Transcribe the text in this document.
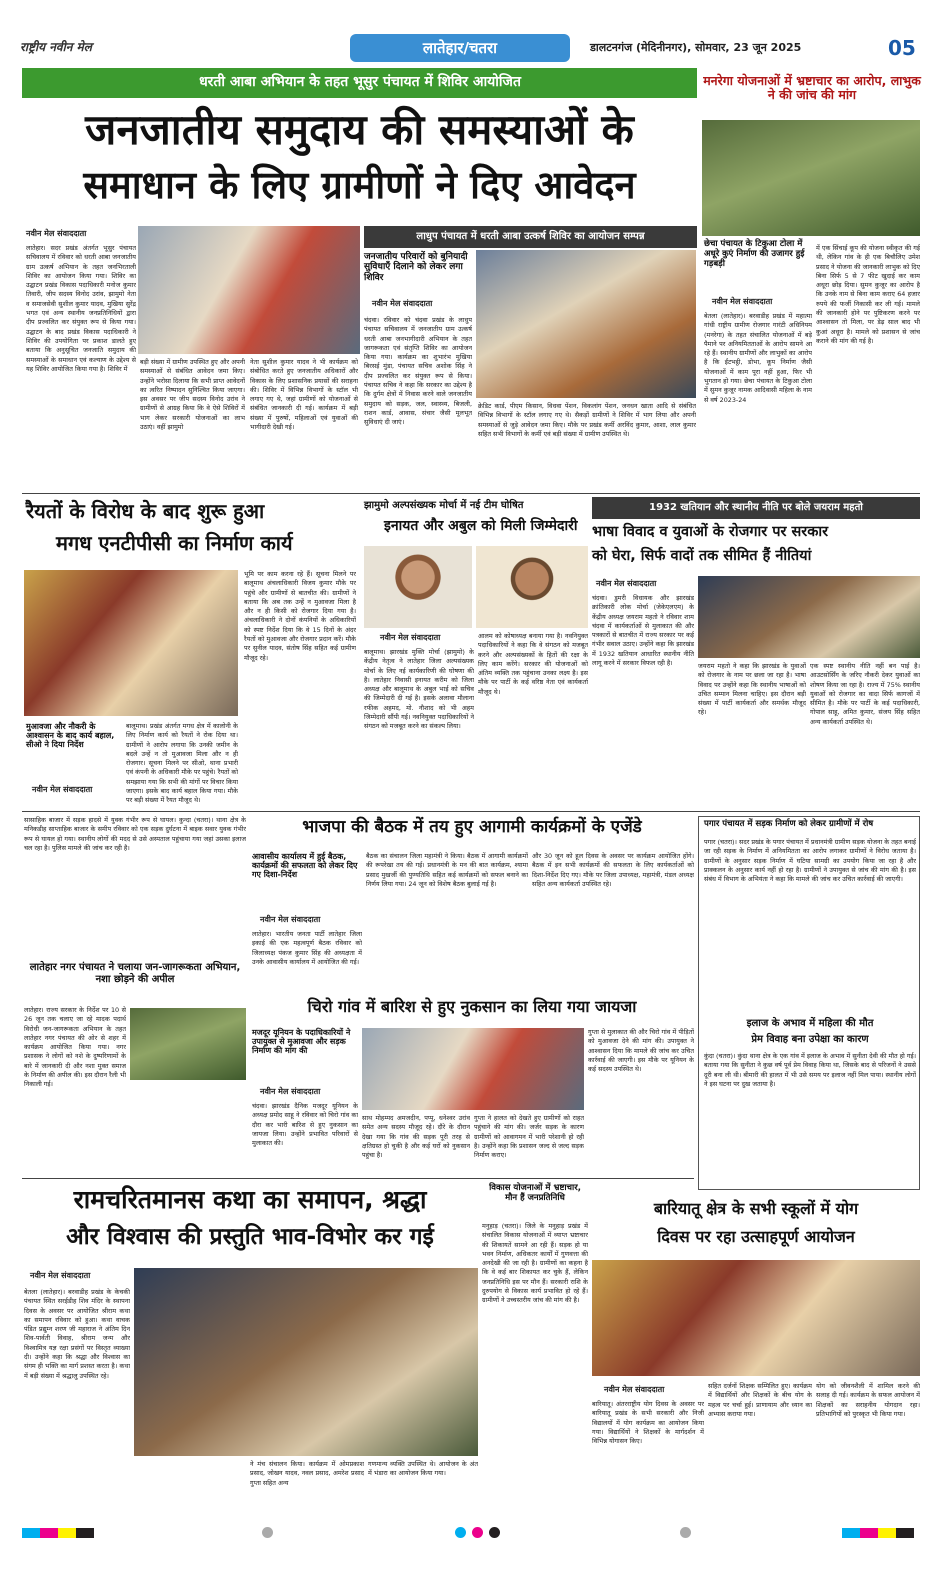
राष्ट्रीय नवीन मेल	लातेहार/चतरा	डालटनगंज (मेदिनीनगर), सोमवार, 23 जून 2025	05
धरती आबा अभियान के तहत भूसुर पंचायत में शिविर आयोजित
जनजातीय समुदाय की समस्याओं के
समाधान के लिए ग्रामीणों ने दिए आवेदन
नवीन मेल संवाददाता
लातेहार। सदर प्रखंड अंतर्गत भूसुर पंचायत सचिवालय में रविवार को धरती आबा जनजातीय ग्राम उत्कर्ष अभियान के तहत जनभिरताली शिविर का आयोजन किया गया। शिविर का उद्घाटन प्रखंड विकास पदाधिकारी मनोज कुमार तिवारी, जीप सदस्य विनोद उरांव, झामुमो नेता व समाजसेवी सुशील कुमार यादव, मुखिया सुरेंद्र भगत एवं अन्य स्थानीय जनप्रतिनिधियों द्वारा दीप प्रज्वलित कर संयुक्त रूप से किया गया। उद्घाटन के बाद प्रखंड विकास पदाधिकारी ने शिविर की उपयोगिता पर प्रकाश डालते हुए बताया कि अनुसूचित जनजाति समुदाय की समस्याओं के समाधान एवं कल्याण के उद्देश्य से यह शिविर आयोजित किया गया है। शिविर में
बड़ी संख्या में ग्रामीण उपस्थित हुए और अपनी समस्याओं से संबंधित आवेदन जमा किए। उन्होंने भरोसा दिलाया कि सभी प्राप्त आवेदनों का त्वरित निष्पादन सुनिश्चित किया जाएगा। इस अवसर पर जीप सदस्य विनोद उरांव ने ग्रामीणों से आग्रह किया कि वे ऐसे शिविरों में भाग लेकर सरकारी योजनाओं का लाभ उठाएं। वहीं झामुमो
नेता सुशील कुमार यादव ने भी कार्यक्रम को संबोधित करते हुए जनजातीय अधिकारों और विकास के लिए प्रशासनिक प्रयासों की सराहना की। शिविर में विभिन्न विभागों के स्टॉल भी लगाए गए थे, जहां ग्रामीणों को योजनाओं से संबंधित जानकारी दी गई। कार्यक्रम में बड़ी संख्या में पुरुषों, महिलाओं एवं युवाओं की भागीदारी देखी गई।
लाधुप पंचायत में धरती आबा उत्कर्ष शिविर का आयोजन सम्पन्न
जनजातीय परिवारों को बुनियादी सुविधाएँ दिलाने को लेकर लगा शिविर
नवीन मेल संवाददाता
चंदवा। रविवार को चंदवा प्रखंड के लाधुप पंचायत सचिवालय में जनजातीय ग्राम उत्कर्ष धरती आबा जनभागीदारी अभियान के तहत जागरूकता एवं संतृप्ति शिविर का आयोजन किया गया। कार्यक्रम का शुभारंभ मुखिया बिरसई मुंडा, पंचायत सचिव अशोक सिंह ने दीप प्रज्वलित कर संयुक्त रूप से किया। पंचायत सचिव ने कहा कि सरकार का उद्देश्य है कि दुर्गम क्षेत्रों में निवास करने वाले जनजातीय समुदाय को सड़क, जल, स्वास्थ्य, बिजली, राशन कार्ड, आवास, संचार जैसी मूलभूत सुविधाएं दी जाएं।
क्रेडिट कार्ड, पीएम किसान, विधवा पेंशन, विकलांग पेंशन, जनधन खाता आदि से संबंधित विभिन्न विभागों के स्टॉल लगाए गए थे। सैकड़ों ग्रामीणों ने शिविर में भाग लिया और अपनी समस्याओं से जुड़े आवेदन जमा किए। मौके पर प्रखंड कर्मी अरविंद कुमार, आशा, लाल कुमार सहित सभी विभागों के कर्मी एवं बड़ी संख्या में ग्रामीण उपस्थित थे।
मनरेगा योजनाओं में भ्रष्टाचार का आरोप, लाभुक ने की जांच की मांग
छेचा पंचायत के टिकुआ टोला में अधूरे कुएं निर्माण की उजागर हुई गड़बड़ी
नवीन मेल संवाददाता
बेतला (लातेहार)। बरवाडीह प्रखंड में महात्मा गांधी राष्ट्रीय ग्रामीण रोजगार गारंटी अधिनियम (मनरेगा) के तहत संचालित योजनाओं में बड़े पैमाने पर अनियमितताओं के आरोप सामने आ रहे हैं। स्थानीय ग्रामीणों और लाभुकों का आरोप है कि ईंटभट्ठी, डोभा, कूप निर्माण जैसी योजनाओं में काम पूरा नहीं हुआ, फिर भी भुगतान हो गया। छेचा पंचायत के टिकुआ टोला में सुमन कुजूर नामक आदिवासी महिला के नाम से वर्ष 2023-24
में एक सिंचाई कूप की योजना स्वीकृत की गई थी, लेकिन गांव के ही एक बिचौलिए उमेश प्रसाद ने योजना की जानकारी लाभुक को दिए बिना सिर्फ 5 से 7 फीट खुदाई कर काम अधूरा छोड़ दिया। सुमन कुजूर का आरोप है कि उनके नाम से बिना काम कराए 64 हजार रुपये की फर्जी निकासी कर ली गई। मामले की जानकारी होने पर पुष्टिकरण करने पर आश्वासन तो मिला, पर डेढ़ साल बाद भी कुआं अधूरा है। मामले को प्रशासन से जांच कराने की मांग की गई है।
रैयतों के विरोध के बाद शुरू हुआ
मगध एनटीपीसी का निर्माण कार्य
मुआवजा और नौकरी के आश्वासन के बाद कार्य बहाल, सीओ ने दिया निर्देश
नवीन मेल संवाददाता
बालूमाथ। प्रखंड अंतर्गत मगध क्षेत्र में कालोनी के लिए निर्माण कार्य को रैयतों ने रोक दिया था। ग्रामीणों ने आरोप लगाया कि उनकी जमीन के बदले उन्हें न तो मुआवजा मिला और न ही रोजगार। सूचना मिलने पर सीओ, थाना प्रभारी एवं कंपनी के अधिकारी मौके पर पहुंचे। रैयतों को समझाया गया कि सभी की मांगों पर विचार किया जाएगा। इसके बाद कार्य बहाल किया गया। मौके पर बड़ी संख्या में रैयत मौजूद थे।
भूमि पर काम करना रहे हैं। सूचना मिलने पर बालूमाथ अंचलाधिकारी विजय कुमार मौके पर पहुंचे और ग्रामीणों से बातचीत की। ग्रामीणों ने बताया कि अब तक उन्हें न मुआवजा मिला है और न ही किसी को रोजगार दिया गया है। अंचलाधिकारी ने दोनों कंपनियों के अधिकारियों को स्पष्ट निर्देश दिया कि वे 15 दिनों के अंदर रैयतों को मुआवजा और रोजगार प्रदान करें। मौके पर सुनील यादव, संतोष सिंह सहित कई ग्रामीण मौजूद रहे।
झामुमो अल्पसंख्यक मोर्चा में नई टीम घोषित
इनायत और अबुल को मिली जिम्मेदारी
नवीन मेल संवाददाता
बालूमाथ। झारखंड मुक्ति मोर्चा (झामुमो) के केंद्रीय नेतृत्व ने लातेहार जिला अल्पसंख्यक मोर्चा के लिए नई कार्यकारिणी की घोषणा की है। लातेहार निवासी इनायत करीम को जिला अध्यक्ष और बालूमाथ के अबुल भाई को सचिव की जिम्मेदारी दी गई है। इसके अलावा मौलाना रफीक अहमद, मो. नौशाद को भी अहम जिम्मेदारी सौंपी गई। नवनियुक्त पदाधिकारियों ने संगठन को मजबूत करने का संकल्प लिया।
आलम को कोषाध्यक्ष बनाया गया है। नवनियुक्त पदाधिकारियों ने कहा कि वे संगठन को मजबूत करने और अल्पसंख्यकों के हितों की रक्षा के लिए काम करेंगे। सरकार की योजनाओं को अंतिम व्यक्ति तक पहुंचाना उनका लक्ष्य है। इस मौके पर पार्टी के कई वरिष्ठ नेता एवं कार्यकर्ता मौजूद थे।
1932 खतियान और स्थानीय नीति पर बोले जयराम महतो
भाषा विवाद व युवाओं के रोजगार पर सरकार
को घेरा, सिर्फ वादों तक सीमित हैं नीतियां
नवीन मेल संवाददाता
चंदवा। डुमरी विधायक और झारखंड क्रांतिकारी लोक मोर्चा (जेकेएलएम) के केंद्रीय अध्यक्ष जयराम महतो ने रविवार शाम चंदवा में कार्यकर्ताओं से मुलाकात की और पत्रकारों से बातचीत में राज्य सरकार पर कई गंभीर सवाल उठाए। उन्होंने कहा कि झारखंड में 1932 खतियान आधारित स्थानीय नीति लागू करने में सरकार विफल रही है।	जयराम महतो ने कहा कि झारखंड के युवाओं को रोजगार के नाम पर छला जा रहा है। भाषा विवाद पर उन्होंने कहा कि स्थानीय भाषाओं को उचित सम्मान मिलना चाहिए। इस दौरान बड़ी संख्या में पार्टी कार्यकर्ता और समर्थक मौजूद रहे।
एक स्पष्ट स्थानीय नीति नहीं बन पाई है। आउटसोर्सिंग के जरिए नौकरी देकर युवाओं का शोषण किया जा रहा है। राज्य में 75% स्थानीय युवाओं को रोजगार का वादा सिर्फ कागजों में सीमित है। मौके पर पार्टी के कई पदाधिकारी, गोपाल साहू, अमित कुमार, संजय सिंह सहित अन्य कार्यकर्ता उपस्थित थे।
सासाहिक बाजार में सड़क हादसे में युवक गंभीर रूप से घायल। कुन्दा (चतरा)। थाना क्षेत्र के मनिकडीह साप्ताहिक बाजार के समीप रविवार को एक सड़क दुर्घटना में बाइक सवार युवक गंभीर रूप से घायल हो गया। स्थानीय लोगों की मदद से उसे अस्पताल पहुंचाया गया जहां उसका इलाज चल रहा है। पुलिस मामले की जांच कर रही है।
लातेहार नगर पंचायत ने चलाया जन-जागरूकता अभियान, नशा छोड़ने की अपील
लातेहार। राज्य सरकार के निर्देश पर 10 से 26 जून तक चलाए जा रहे मादक पदार्थ विरोधी जन-जागरूकता अभियान के तहत लातेहार नगर पंचायत की ओर से शहर में कार्यक्रम आयोजित किया गया। नगर प्रशासक ने लोगों को नशे के दुष्परिणामों के बारे में जानकारी दी और नशा मुक्त समाज के निर्माण की अपील की। इस दौरान रैली भी निकाली गई।
भाजपा की बैठक में तय हुए आगामी कार्यक्रमों के एजेंडे
आवासीय कार्यालय में हुई बैठक, कार्यक्रमों की सफलता को लेकर दिए गए दिशा-निर्देश
नवीन मेल संवाददाता
लातेहार। भारतीय जनता पार्टी लातेहार जिला इकाई की एक महत्वपूर्ण बैठक रविवार को जिलाध्यक्ष पंकज कुमार सिंह की अध्यक्षता में उनके आवासीय कार्यालय में आयोजित की गई।
बैठक का संचालन जिला महामंत्री ने किया। बैठक में आगामी कार्यक्रमों की रूपरेखा तय की गई। प्रधानमंत्री के मन की बात कार्यक्रम, श्यामा प्रसाद मुखर्जी की पुण्यतिथि सहित कई कार्यक्रमों को सफल बनाने का निर्णय लिया गया। 24 जून को विशेष बैठक बुलाई गई है।
और 30 जून को हूल दिवस के अवसर पर कार्यक्रम आयोजित होंगे। बैठक में इन सभी कार्यक्रमों की सफलता के लिए कार्यकर्ताओं को दिशा-निर्देश दिए गए। मौके पर जिला उपाध्यक्ष, महामंत्री, मंडल अध्यक्ष सहित अन्य कार्यकर्ता उपस्थित रहे।
पगार पंचायत में सड़क निर्माण को लेकर ग्रामीणों में रोष
पगार (चतरा)। सदर प्रखंड के पगार पंचायत में प्रधानमंत्री ग्रामीण सड़क योजना के तहत बनाई जा रही सड़क के निर्माण में अनियमितता का आरोप लगाकर ग्रामीणों ने विरोध जताया है। ग्रामीणों के अनुसार सड़क निर्माण में घटिया सामग्री का उपयोग किया जा रहा है और प्राक्कलन के अनुसार कार्य नहीं हो रहा है। ग्रामीणों ने उपायुक्त से जांच की मांग की है। इस संबंध में विभाग के अभियंता ने कहा कि मामले की जांच कर उचित कार्रवाई की जाएगी।
इलाज के अभाव में महिला की मौत
प्रेम विवाह बना उपेक्षा का कारण
कुंदा (चतरा)। कुंदा थाना क्षेत्र के एक गांव में इलाज के अभाव में सुनीता देवी की मौत हो गई। बताया गया कि सुनीता ने कुछ वर्ष पूर्व प्रेम विवाह किया था, जिसके बाद से परिजनों ने उससे दूरी बना ली थी। बीमारी की हालत में भी उसे समय पर इलाज नहीं मिल पाया। स्थानीय लोगों ने इस घटना पर दुख जताया है।
चिरो गांव में बारिश से हुए नुकसान का लिया गया जायजा
मजदूर यूनियन के पदाधिकारियों ने उपायुक्त से मुआवजा और सड़क निर्माण की मांग की
नवीन मेल संवाददाता
चंदवा। झारखंड दैनिक मजदूर यूनियन के अध्यक्ष प्रमोद साहू ने रविवार को चिरो गांव का दौरा कर भारी बारिश से हुए नुकसान का जायजा लिया। उन्होंने प्रभावित परिवारों से मुलाकात की।
साथ मोहम्मद अमजदीन, पप्पू, धनेश्वर उरांव समेत अन्य सदस्य मौजूद रहे। दौरे के दौरान देखा गया कि गांव की सड़क पूरी तरह से क्षतिग्रस्त हो चुकी है और कई घरों को नुकसान पहुंचा है।
गुप्ता ने हालत को देखते हुए ग्रामीणों को राहत पहुंचाने की मांग की। जर्जर सड़क के कारण ग्रामीणों को आवागमन में भारी परेशानी हो रही है। उन्होंने कहा कि प्रशासन जल्द से जल्द सड़क निर्माण कराए।
गुप्ता से मुलाकात की और चिरो गांव में पीड़ितों को मुआवजा देने की मांग की। उपायुक्त ने आश्वासन दिया कि मामले की जांच कर उचित कार्रवाई की जाएगी। इस मौके पर यूनियन के कई सदस्य उपस्थित थे।
रामचरितमानस कथा का समापन, श्रद्धा
और विश्वास की प्रस्तुति भाव-विभोर कर गई
नवीन मेल संवाददाता
बेतला (लातेहार)। बरवाडीह प्रखंड के केचकी पंचायत स्थित सरईडीह शिव मंदिर के स्थापना दिवस के अवसर पर आयोजित श्रीराम कथा का समापन रविवार को हुआ। कथा वाचक पंडित प्रद्युम्न शरण जी महाराज ने अंतिम दिन शिव-पार्वती विवाह, श्रीराम जन्म और विश्वामित्र यज्ञ रक्षा प्रसंगों पर विस्तृत व्याख्या दी। उन्होंने कहा कि श्रद्धा और विश्वास का संगम ही भक्ति का मार्ग प्रशस्त करता है। कथा में बड़ी संख्या में श्रद्धालु उपस्थित रहे।
ने मंच संचालन किया। कार्यक्रम में ओमप्रकाश प्रसाद, जोखन यादव, नवल प्रसाद, अमरेश प्रसाद गुप्ता सहित अन्य
गणमान्य व्यक्ति उपस्थित थे। आयोजन के अंत में भंडारा का आयोजन किया गया।
विकास योजनाओं में भ्रष्टाचार, मौन हैं जनप्रतिनिधि
मनुहाड़ (चतरा)। जिले के मनुहाड़ प्रखंड में संचालित विकास योजनाओं में व्याप्त भ्रष्टाचार की शिकायतें सामने आ रही हैं। सड़क हो या भवन निर्माण, अधिकतर कार्यों में गुणवत्ता की अनदेखी की जा रही है। ग्रामीणों का कहना है कि वे कई बार शिकायत कर चुके हैं, लेकिन जनप्रतिनिधि इस पर मौन हैं। सरकारी राशि के दुरुपयोग से विकास कार्य प्रभावित हो रहे हैं। ग्रामीणों ने उच्चस्तरीय जांच की मांग की है।
बारियातू क्षेत्र के सभी स्कूलों में योग
दिवस पर रहा उत्साहपूर्ण आयोजन
नवीन मेल संवाददाता
बारियातू। अंतरराष्ट्रीय योग दिवस के अवसर पर बारियातू प्रखंड के सभी सरकारी और निजी विद्यालयों में योग कार्यक्रम का आयोजन किया गया। विद्यार्थियों ने शिक्षकों के मार्गदर्शन में विभिन्न योगासन किए।
सहित दर्जनों शिक्षक सम्मिलित हुए। कार्यक्रम में विद्यार्थियों और शिक्षकों के बीच योग के महत्व पर चर्चा हुई। प्राणायाम और ध्यान का अभ्यास कराया गया।
योग को जीवनशैली में शामिल करने की सलाह दी गई। कार्यक्रम के सफल आयोजन में शिक्षकों का सराहनीय योगदान रहा। प्रतिभागियों को पुरस्कृत भी किया गया।
